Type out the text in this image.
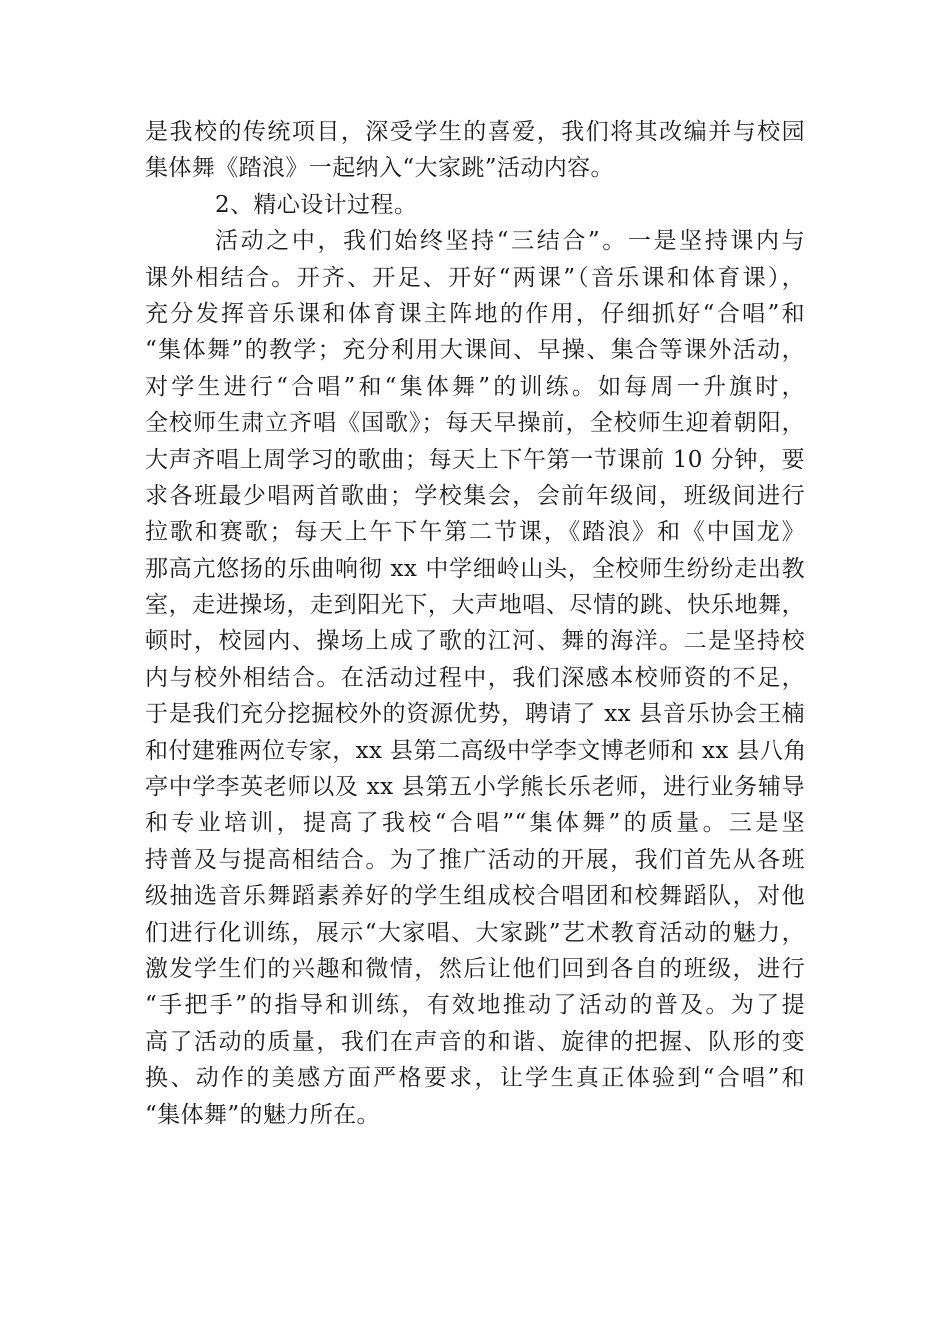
是我校的传统项目，深受学生的喜爱，我们将其改编并与校园
集体舞《踏浪》一起纳入“大家跳”活动内容。
2、精心设计过程。
活动之中，我们始终坚持“三结合”。一是坚持课内与
课外相结合。开齐、开足、开好“两课”（音乐课和体育课），
充分发挥音乐课和体育课主阵地的作用，仔细抓好“合唱”和
“集体舞”的教学；充分利用大课间、早操、集合等课外活动，
对学生进行“合唱”和“集体舞”的训练。如每周一升旗时，
全校师生肃立齐唱《国歌》；每天早操前，全校师生迎着朝阳，
大声齐唱上周学习的歌曲；每天上下午第一节课前 10 分钟，要
求各班最少唱两首歌曲；学校集会，会前年级间，班级间进行
拉歌和赛歌；每天上午下午第二节课，《踏浪》和《中国龙》
那高亢悠扬的乐曲响彻 xx 中学细岭山头，全校师生纷纷走出教
室，走进操场，走到阳光下，大声地唱、尽情的跳、快乐地舞，
顿时，校园内、操场上成了歌的江河、舞的海洋。二是坚持校
内与校外相结合。在活动过程中，我们深感本校师资的不足，
于是我们充分挖掘校外的资源优势，聘请了 xx 县音乐协会王楠
和付建雅两位专家，xx 县第二高级中学李文博老师和 xx 县八角
亭中学李英老师以及 xx 县第五小学熊长乐老师，进行业务辅导
和专业培训，提高了我校“合唱”“集体舞”的质量。三是坚
持普及与提高相结合。为了推广活动的开展，我们首先从各班
级抽选音乐舞蹈素养好的学生组成校合唱团和校舞蹈队，对他
们进行化训练，展示“大家唱、大家跳”艺术教育活动的魅力，
激发学生们的兴趣和微情，然后让他们回到各自的班级，进行
“手把手”的指导和训练，有效地推动了活动的普及。为了提
高了活动的质量，我们在声音的和谐、旋律的把握、队形的变
换、动作的美感方面严格要求，让学生真正体验到“合唱”和
“集体舞”的魅力所在。
